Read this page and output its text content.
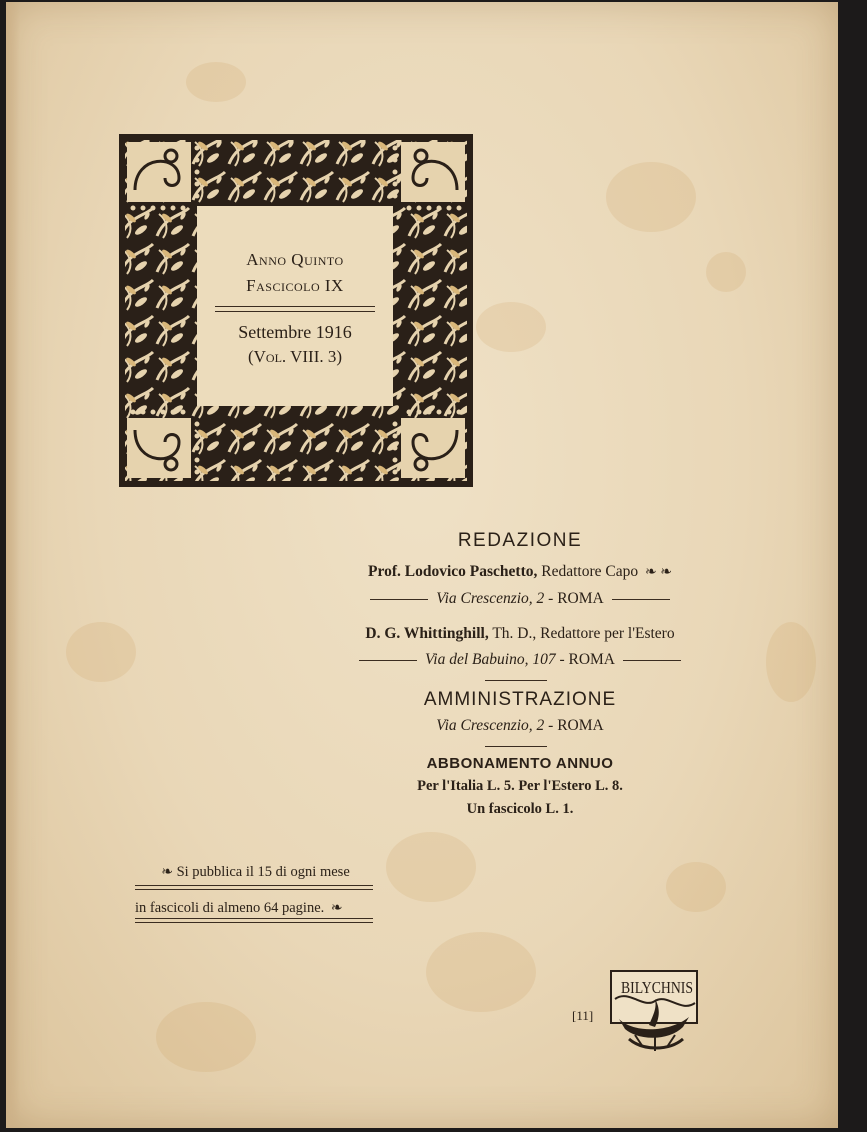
Anno Quinto
Fascicolo IX
Settembre 1916
(Vol. VIII. 3)
REDAZIONE
Prof. Lodovico Paschetto, Redattore Capo ❧ ❧
Via Crescenzio, 2 - ROMA
D. G. Whittinghill, Th. D., Redattore per l'Estero
Via del Babuino, 107 - ROMA
AMMINISTRAZIONE
Via Crescenzio, 2 - ROMA
ABBONAMENTO ANNUO
Per l'Italia L. 5. Per l'Estero L. 8.
Un fascicolo L. 1.
❧ Si pubblica il 15 di ogni mese
in fascicoli di almeno 64 pagine. ❧
[11]
BILYCHNIS
